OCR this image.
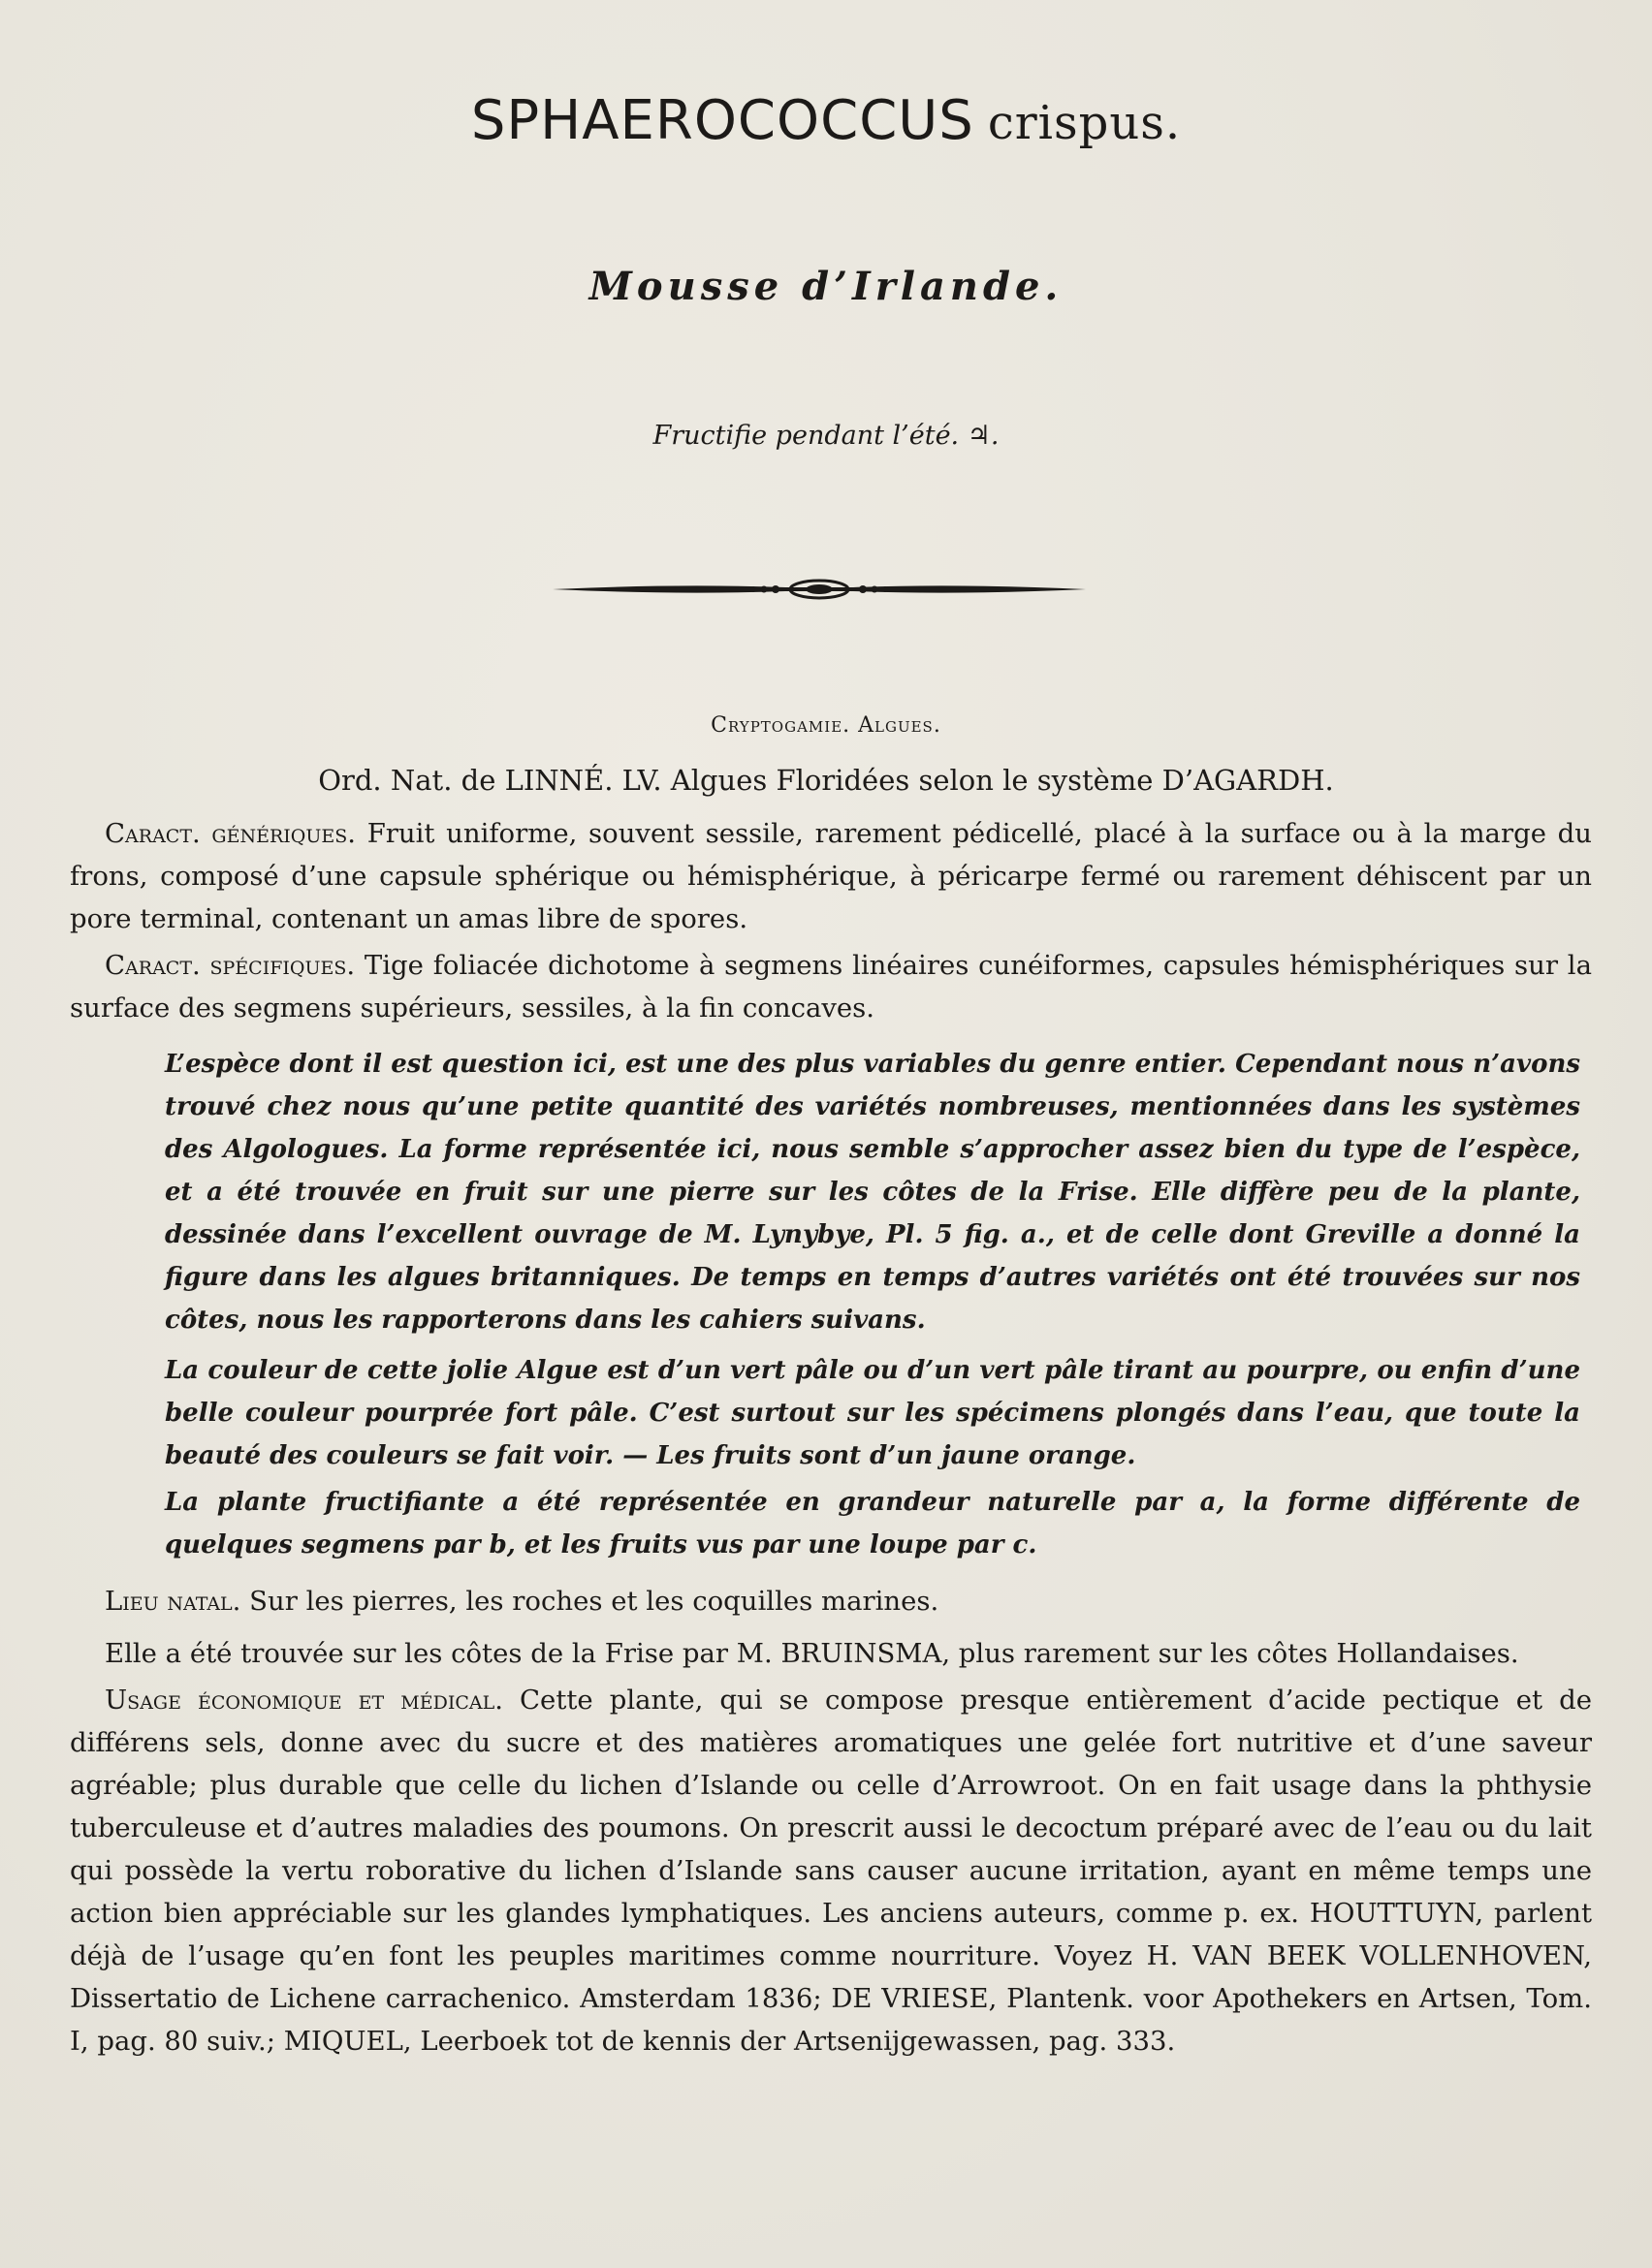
SPHAEROCOCCUS crispus.
Mousse d’Irlande.
Fructifie pendant l’été. ♃.
Cryptogamie. Algues.
Ord. Nat. de LINNÉ. LV. Algues Floridées selon le système D’AGARDH.
Caract. génériques. Fruit uniforme, souvent sessile, rarement pédicellé, placé à la surface ou à la marge du frons, composé d’une capsule sphérique ou hémisphérique, à péricarpe fermé ou rarement déhiscent par un pore terminal, contenant un amas libre de spores.
Caract. spécifiques. Tige foliacée dichotome à segmens linéaires cunéiformes, capsules hémisphériques sur la surface des segmens supérieurs, sessiles, à la fin concaves.
L’espèce dont il est question ici, est une des plus variables du genre entier. Cependant nous n’avons trouvé chez nous qu’une petite quantité des variétés nombreuses, mentionnées dans les systèmes des Algologues. La forme représentée ici, nous semble s’approcher assez bien du type de l’espèce, et a été trouvée en fruit sur une pierre sur les côtes de la Frise. Elle diffère peu de la plante, dessinée dans l’excellent ouvrage de M. Lynybye, Pl. 5 fig. a., et de celle dont Greville a donné la figure dans les algues britanniques. De temps en temps d’autres variétés ont été trouvées sur nos côtes, nous les rapporterons dans les cahiers suivans.
La couleur de cette jolie Algue est d’un vert pâle ou d’un vert pâle tirant au pourpre, ou enfin d’une belle couleur pourprée fort pâle. C’est surtout sur les spécimens plongés dans l’eau, que toute la beauté des couleurs se fait voir. — Les fruits sont d’un jaune orange.
La plante fructifiante a été représentée en grandeur naturelle par a, la forme différente de quelques segmens par b, et les fruits vus par une loupe par c.
Lieu natal. Sur les pierres, les roches et les coquilles marines.
Elle a été trouvée sur les côtes de la Frise par M. BRUINSMA, plus rarement sur les côtes Hollandaises.
Usage économique et médical. Cette plante, qui se compose presque entièrement d’acide pectique et de différens sels, donne avec du sucre et des matières aromatiques une gelée fort nutritive et d’une saveur agréable; plus durable que celle du lichen d’Islande ou celle d’Arrowroot. On en fait usage dans la phthysie tuberculeuse et d’autres maladies des poumons. On prescrit aussi le decoctum préparé avec de l’eau ou du lait qui possède la vertu roborative du lichen d’Islande sans causer aucune irritation, ayant en même temps une action bien appréciable sur les glandes lymphatiques. Les anciens auteurs, comme p. ex. HOUTTUYN, parlent déjà de l’usage qu’en font les peuples maritimes comme nourriture. Voyez H. VAN BEEK VOLLENHOVEN, Dissertatio de Lichene carrachenico. Amsterdam 1836; DE VRIESE, Plantenk. voor Apothekers en Artsen, Tom. I, pag. 80 suiv.; MIQUEL, Leerboek tot de kennis der Artsenijgewassen, pag. 333.
